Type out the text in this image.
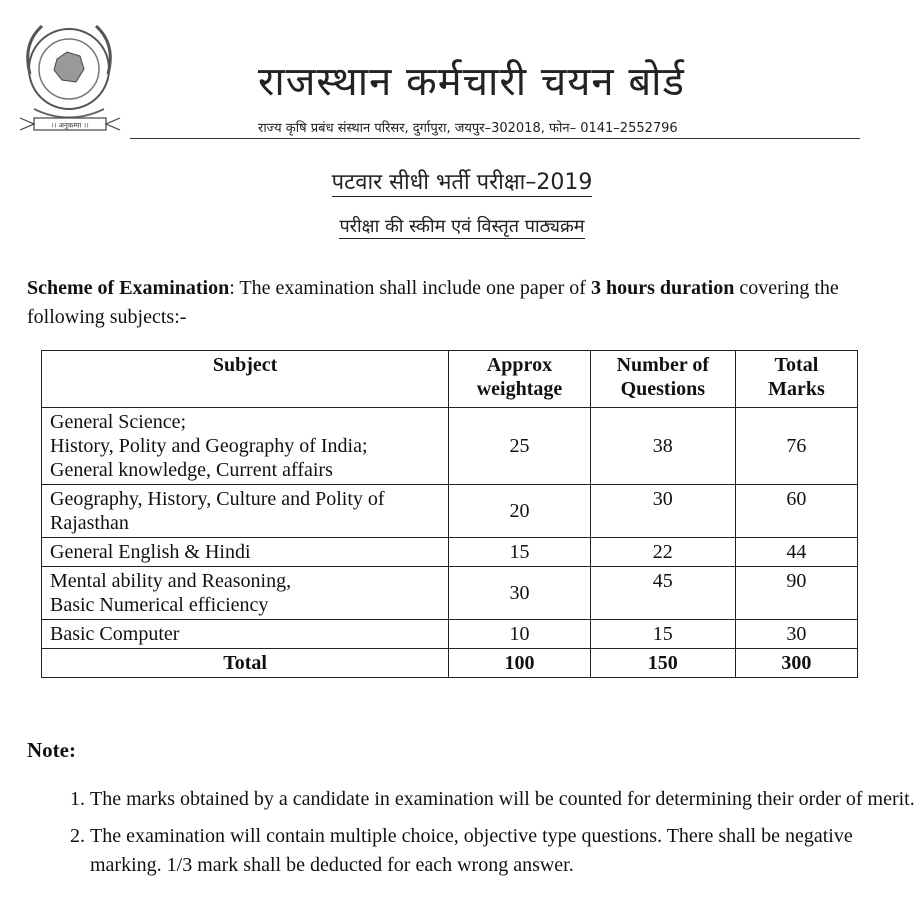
।। अनुकम्पा ।।
राजस्थान कर्मचारी चयन बोर्ड
राज्य कृषि प्रबंध संस्थान परिसर, दुर्गापुरा, जयपुर–302018, फोन– 0141–2552796
पटवार सीधी भर्ती परीक्षा–2019
परीक्षा की स्कीम एवं विस्तृत पाठ्यक्रम
Scheme of Examination: The examination shall include one paper of 3 hours duration covering the following subjects:-
Subject	Approx weightage	Number of Questions	Total Marks

General Science;
History, Polity and Geography of India;
General knowledge, Current affairs	25	38	76

Geography, History, Culture and Polity of
Rajasthan	20	30	60

General English & Hindi	15	22	44

Mental ability and Reasoning,
Basic Numerical efficiency	30	45	90

Basic Computer	10	15	30
Total	100	150	300
Note:
1. The marks obtained by a candidate in examination will be counted for determining their order of merit.
2. The examination will contain multiple choice, objective type questions. There shall be negative marking. 1/3 mark shall be deducted for each wrong answer.
